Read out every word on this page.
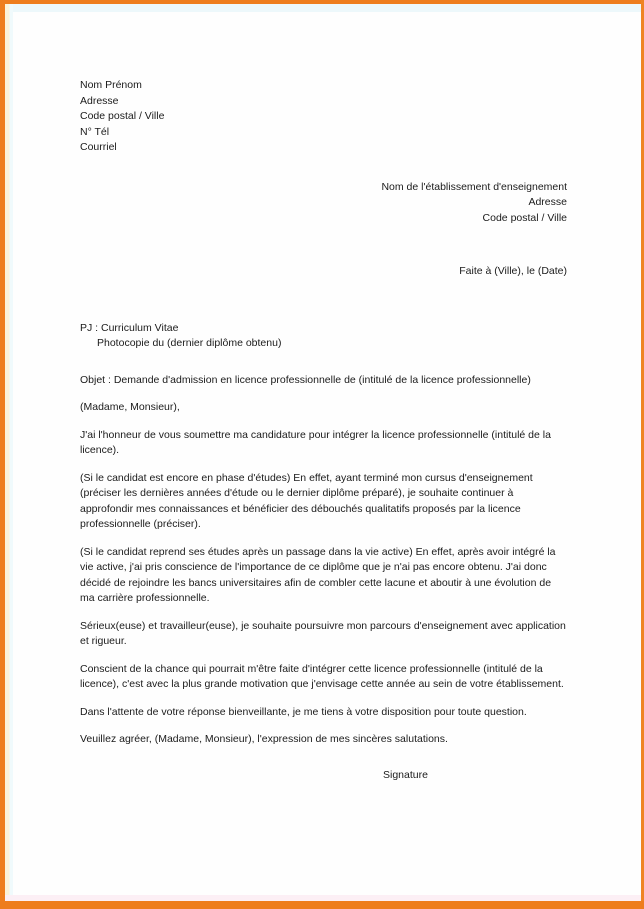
Nom Prénom
Adresse
Code postal / Ville
N° Tél
Courriel
Nom de l'établissement d'enseignement
Adresse
Code postal / Ville
Faite à (Ville), le (Date)
PJ : Curriculum Vitae
Photocopie du (dernier diplôme obtenu)
Objet : Demande d'admission en licence professionnelle de (intitulé de la licence professionnelle)

(Madame, Monsieur),

J'ai l'honneur de vous soumettre ma candidature pour intégrer la licence professionnelle (intitulé de la licence).

(Si le candidat est encore en phase d'études) En effet, ayant terminé mon cursus d'enseignement (préciser les dernières années d'étude ou le dernier diplôme préparé), je souhaite continuer à approfondir mes connaissances et bénéficier des débouchés qualitatifs proposés par la licence professionnelle (préciser).

(Si le candidat reprend ses études après un passage dans la vie active) En effet, après avoir intégré la vie active, j'ai pris conscience de l'importance de ce diplôme que je n'ai pas encore obtenu. J'ai donc décidé de rejoindre les bancs universitaires afin de combler cette lacune et aboutir à une évolution de ma carrière professionnelle.

Sérieux(euse) et travailleur(euse), je souhaite poursuivre mon parcours d'enseignement avec application et rigueur.

Conscient de la chance qui pourrait m'être faite d'intégrer cette licence professionnelle (intitulé de la licence), c'est avec la plus grande motivation que j'envisage cette année au sein de votre établissement.

Dans l'attente de votre réponse bienveillante, je me tiens à votre disposition pour toute question.

Veuillez agréer, (Madame, Monsieur), l'expression de mes sincères salutations.

Signature
